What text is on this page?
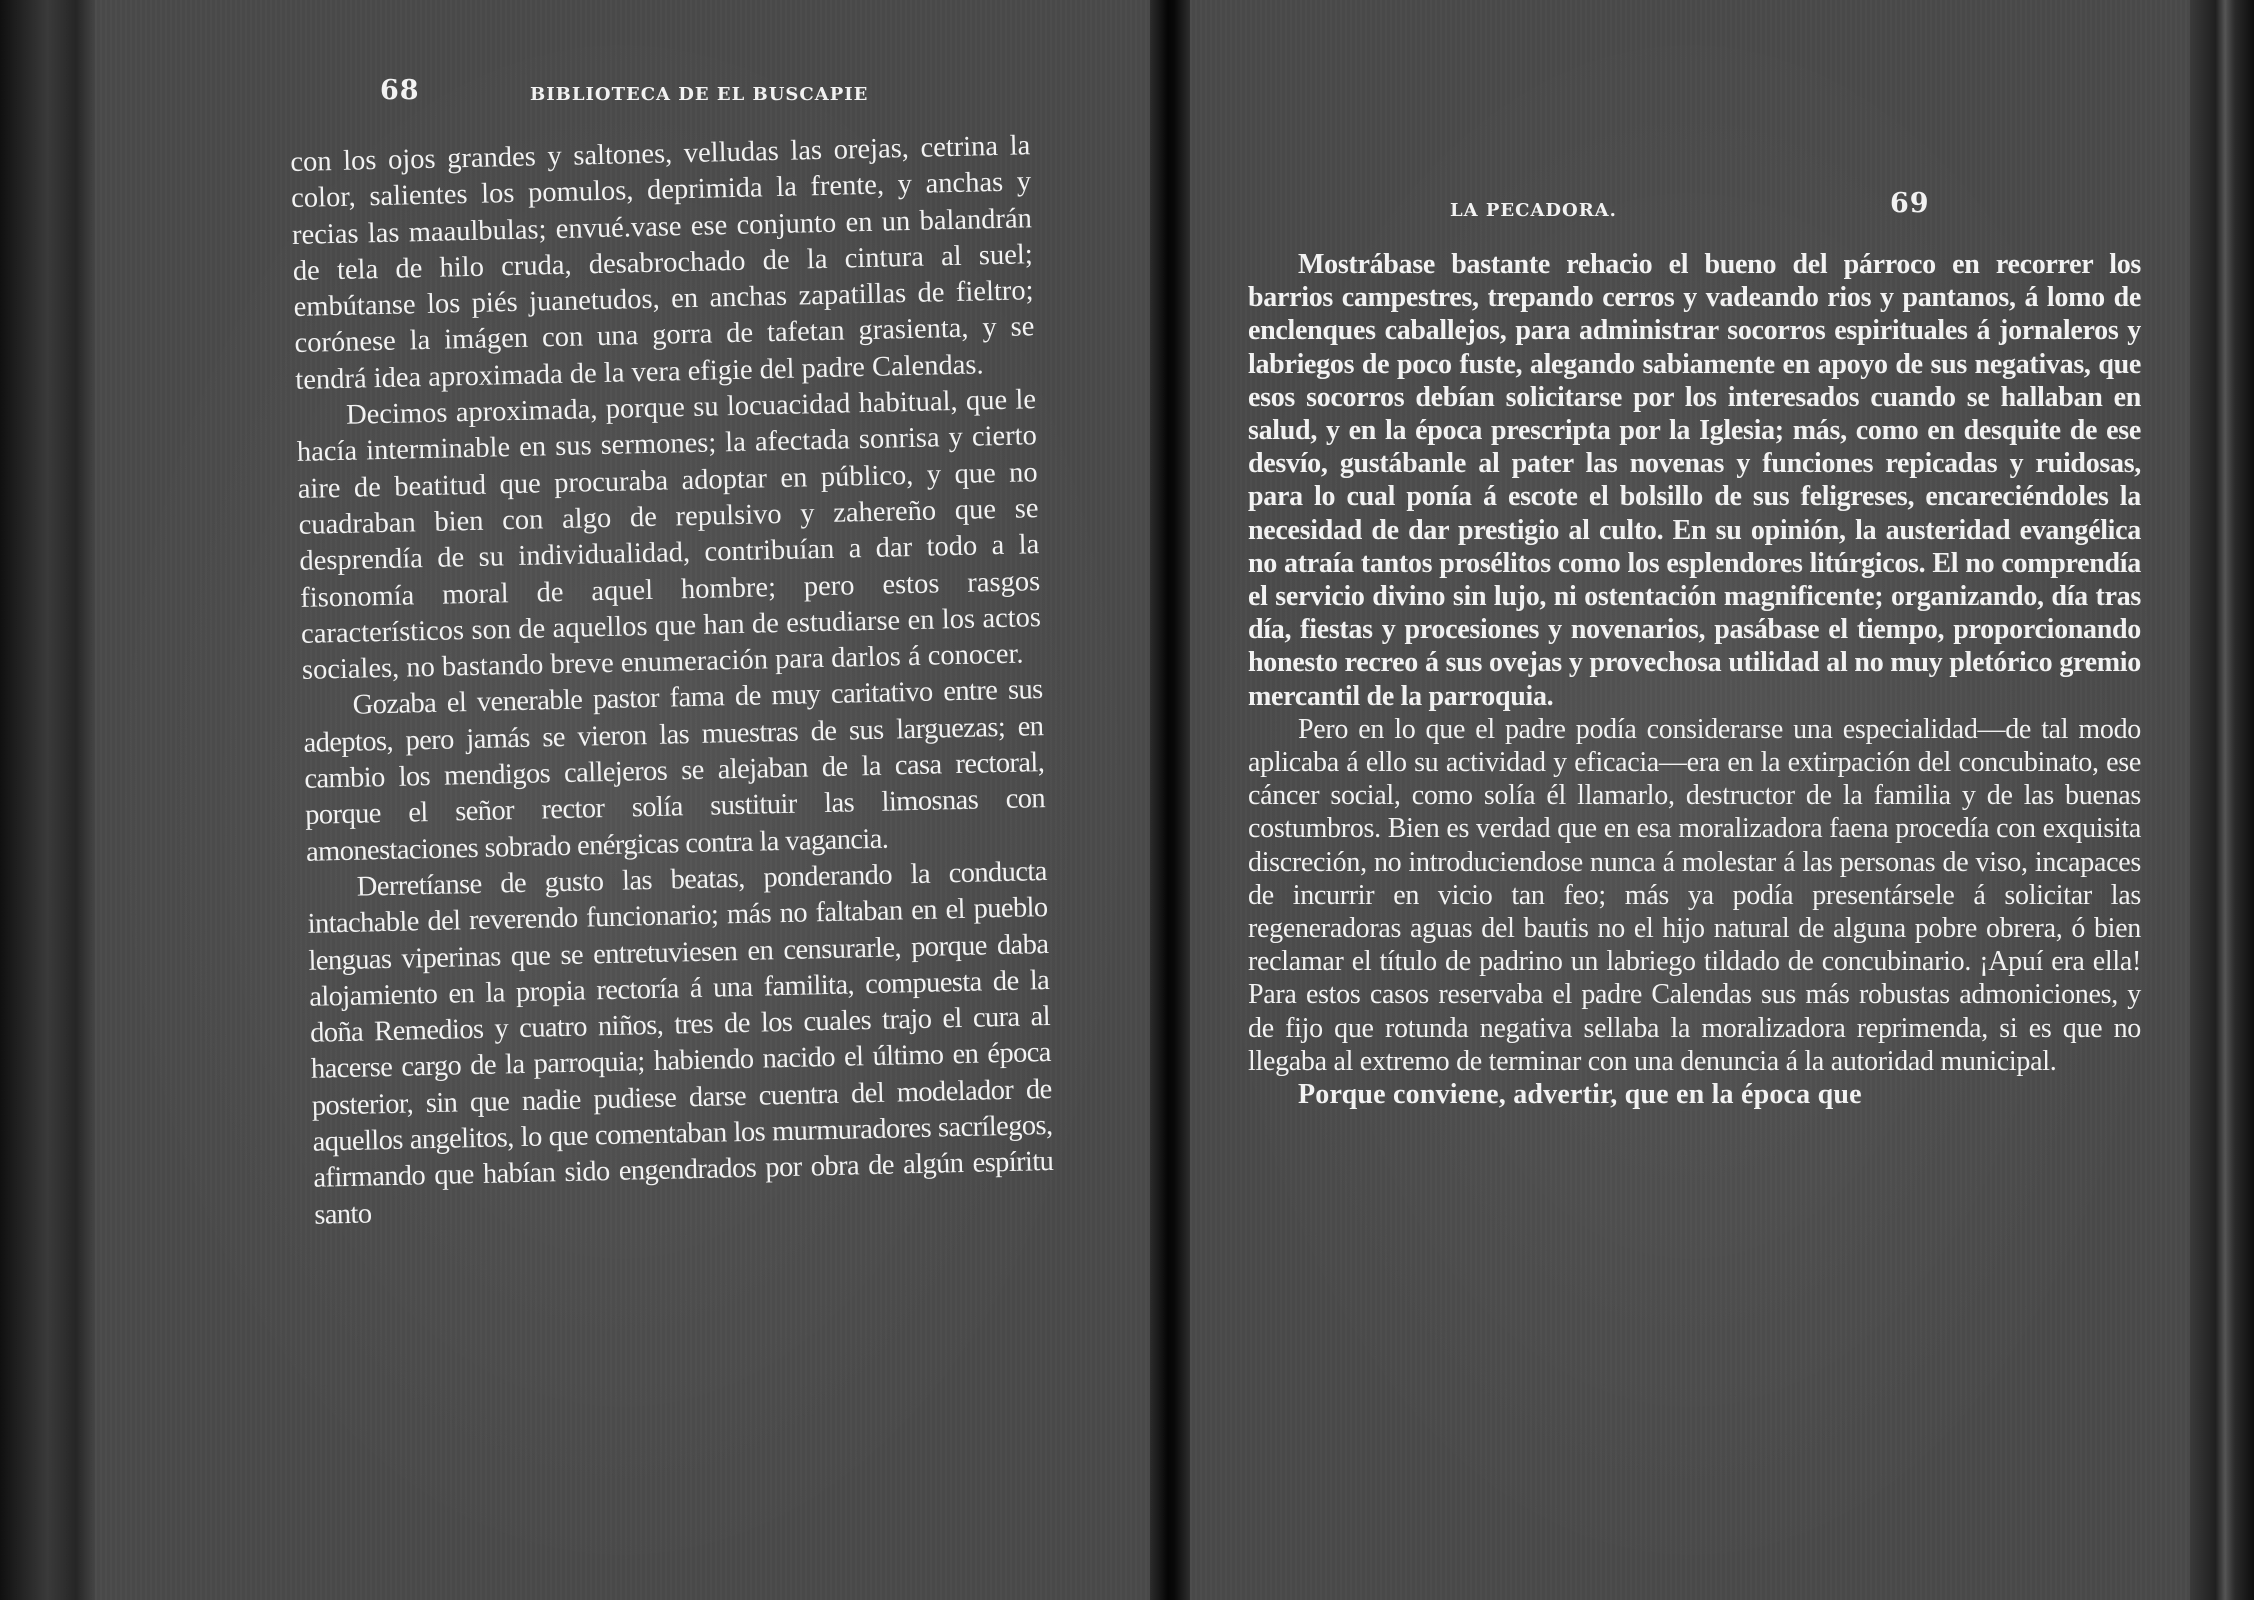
68	BIBLIOTECA DE EL BUSCAPIE

con los ojos grandes y saltones, velludas las orejas, cetrina la color, salientes los pomulos, deprimida la frente, y anchas y recias las maaulbulas; envué.vase ese conjunto en un balandrán de tela de hilo cruda, desabrochado de la cintura al suel; embútanse los piés juanetudos, en anchas zapatillas de fieltro; corónese la imágen con una gorra de tafetan grasienta, y se tendrá idea aproximada de la vera efigie del padre Calendas.

Decimos aproximada, porque su locuacidad habitual, que le hacía interminable en sus sermones; la afectada sonrisa y cierto aire de beatitud que procuraba adoptar en público, y que no cuadraban bien con algo de repulsivo y zahereño que se desprendía de su individualidad, contribuían a dar todo a la fisonomía moral de aquel hombre; pero estos rasgos característicos son de aquellos que han de estudiarse en los actos sociales, no bastando breve enumeración para darlos á conocer.

Gozaba el venerable pastor fama de muy caritativo entre sus adeptos, pero jamás se vieron las muestras de sus larguezas; en cambio los mendigos callejeros se alejaban de la casa rectoral, porque el señor rector solía sustituir las limosnas con amonestaciones sobrado enérgicas contra la vagancia.

Derretíanse de gusto las beatas, ponderando la conducta intachable del reverendo funcionario; más no faltaban en el pueblo lenguas viperinas que se entretuviesen en censurarle, porque daba alojamiento en la propia rectoría á una familita, compuesta de la doña Remedios y cuatro niños, tres de los cuales trajo el cura al hacerse cargo de la parroquia; habiendo nacido el último en época posterior, sin que nadie pudiese darse cuentra del modelador de aquellos angelitos, lo que comentaban los murmuradores sacrílegos, afirmando que habían sido engendrados por obra de algún espíritu santo

LA PECADORA.	69

Mostrábase bastante rehacio el bueno del párroco en recorrer los barrios campestres, trepando cerros y vadeando rios y pantanos, á lomo de enclenques caballejos, para administrar socorros espirituales á jornaleros y labriegos de poco fuste, alegando sabiamente en apoyo de sus negativas, que esos socorros debían solicitarse por los interesados cuando se hallaban en salud, y en la época prescripta por la Iglesia; más, como en desquite de ese desvío, gustábanle al pater las novenas y funciones repicadas y ruidosas, para lo cual ponía á escote el bolsillo de sus feligreses, encareciéndoles la necesidad de dar prestigio al culto. En su opinión, la austeridad evangélica no atraía tantos prosélitos como los esplendores litúrgicos. El no comprendía el servicio divino sin lujo, ni ostentación magnificente; organizando, día tras día, fiestas y procesiones y novenarios, pasábase el tiempo, proporcionando honesto recreo á sus ovejas y provechosa utilidad al no muy pletórico gremio mercantil de la parroquia.

Pero en lo que el padre podía considerarse una especialidad—de tal modo aplicaba á ello su actividad y eficacia—era en la extirpación del concubinato, ese cáncer social, como solía él llamarlo, destructor de la familia y de las buenas costumbros. Bien es verdad que en esa moralizadora faena procedía con exquisita discreción, no introduciendose nunca á molestar á las personas de viso, incapaces de incurrir en vicio tan feo; más ya podía presentársele á solicitar las regeneradoras aguas del bautis no el hijo natural de alguna pobre obrera, ó bien reclamar el título de padrino un labriego tildado de concubinario. ¡Apuí era ella! Para estos casos reservaba el padre Calendas sus más robustas admoniciones, y de fijo que rotunda negativa sellaba la moralizadora reprimenda, si es que no llegaba al extremo de terminar con una denuncia á la autoridad municipal.

Porque conviene, advertir, que en la época que
